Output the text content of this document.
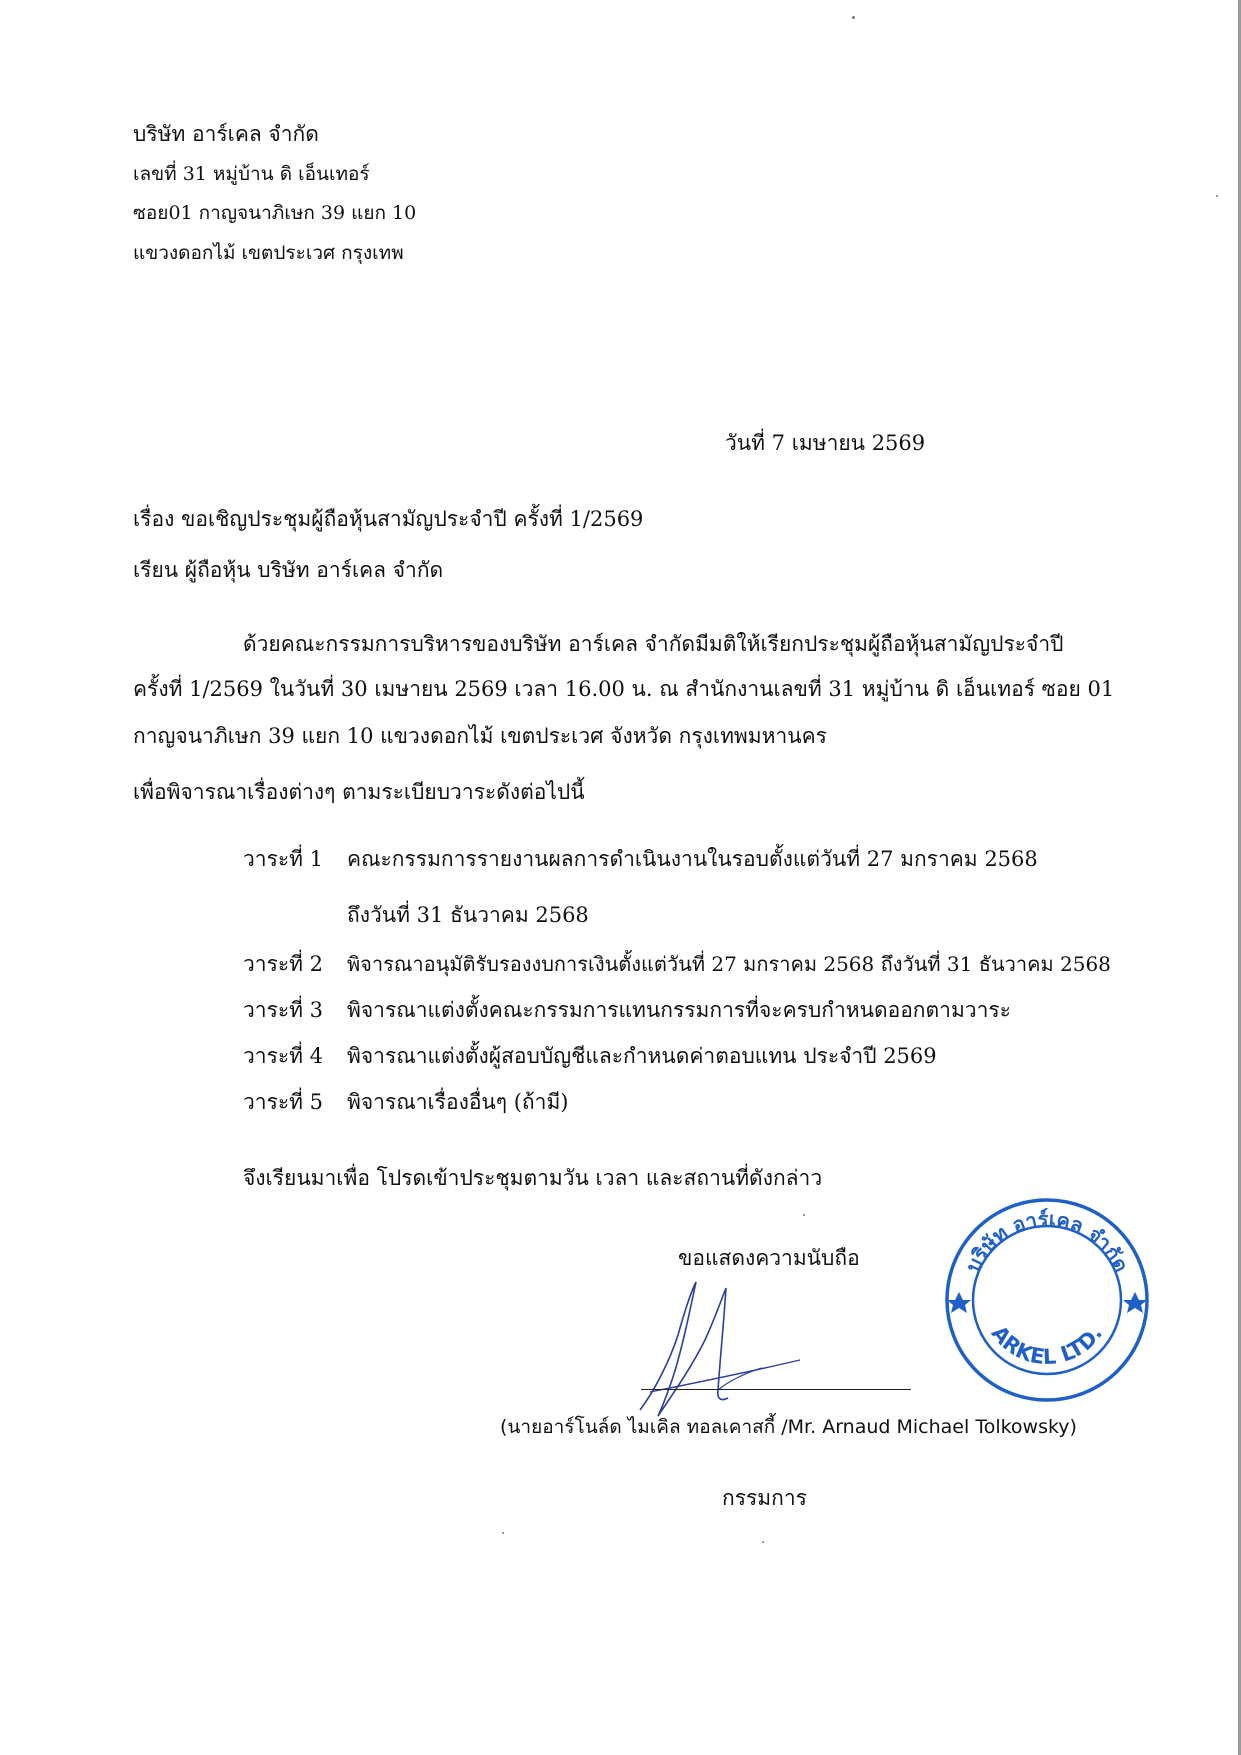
บริษัท อาร์เคล จำกัด
เลขที่ 31 หมู่บ้าน ดิ เอ็นเทอร์
ซอย01 กาญจนาภิเษก 39 แยก 10
แขวงดอกไม้ เขตประเวศ กรุงเทพ
วันที่ 7 เมษายน 2569
เรื่อง ขอเชิญประชุมผู้ถือหุ้นสามัญประจำปี ครั้งที่ 1/2569
เรียน ผู้ถือหุ้น บริษัท อาร์เคล จำกัด
ด้วยคณะกรรมการบริหารของบริษัท อาร์เคล จำกัดมีมติให้เรียกประชุมผู้ถือหุ้นสามัญประจำปี
ครั้งที่ 1/2569 ในวันที่ 30 เมษายน 2569 เวลา 16.00 น. ณ สำนักงานเลขที่ 31 หมู่บ้าน ดิ เอ็นเทอร์ ซอย 01
กาญจนาภิเษก 39 แยก 10 แขวงดอกไม้ เขตประเวศ จังหวัด กรุงเทพมหานคร
เพื่อพิจารณาเรื่องต่างๆ ตามระเบียบวาระดังต่อไปนี้
วาระที่ 1 คณะกรรมการรายงานผลการดำเนินงานในรอบตั้งแต่วันที่ 27 มกราคม 2568
ถึงวันที่ 31 ธันวาคม 2568
วาระที่ 2 พิจารณาอนุมัติรับรองงบการเงินตั้งแต่วันที่ 27 มกราคม 2568 ถึงวันที่ 31 ธันวาคม 2568
วาระที่ 3 พิจารณาแต่งตั้งคณะกรรมการแทนกรรมการที่จะครบกำหนดออกตามวาระ
วาระที่ 4 พิจารณาแต่งตั้งผู้สอบบัญชีและกำหนดค่าตอบแทน ประจำปี 2569
วาระที่ 5 พิจารณาเรื่องอื่นๆ (ถ้ามี)
จึงเรียนมาเพื่อ โปรดเข้าประชุมตามวัน เวลา และสถานที่ดังกล่าว
ขอแสดงความนับถือ
(นายอาร์โนล์ด ไมเคิล ทอลเคาสกี้ /Mr. Arnaud Michael Tolkowsky)
กรรมการ
บริษัท อาร์เคล จำกัด
ARKEL LTD.
